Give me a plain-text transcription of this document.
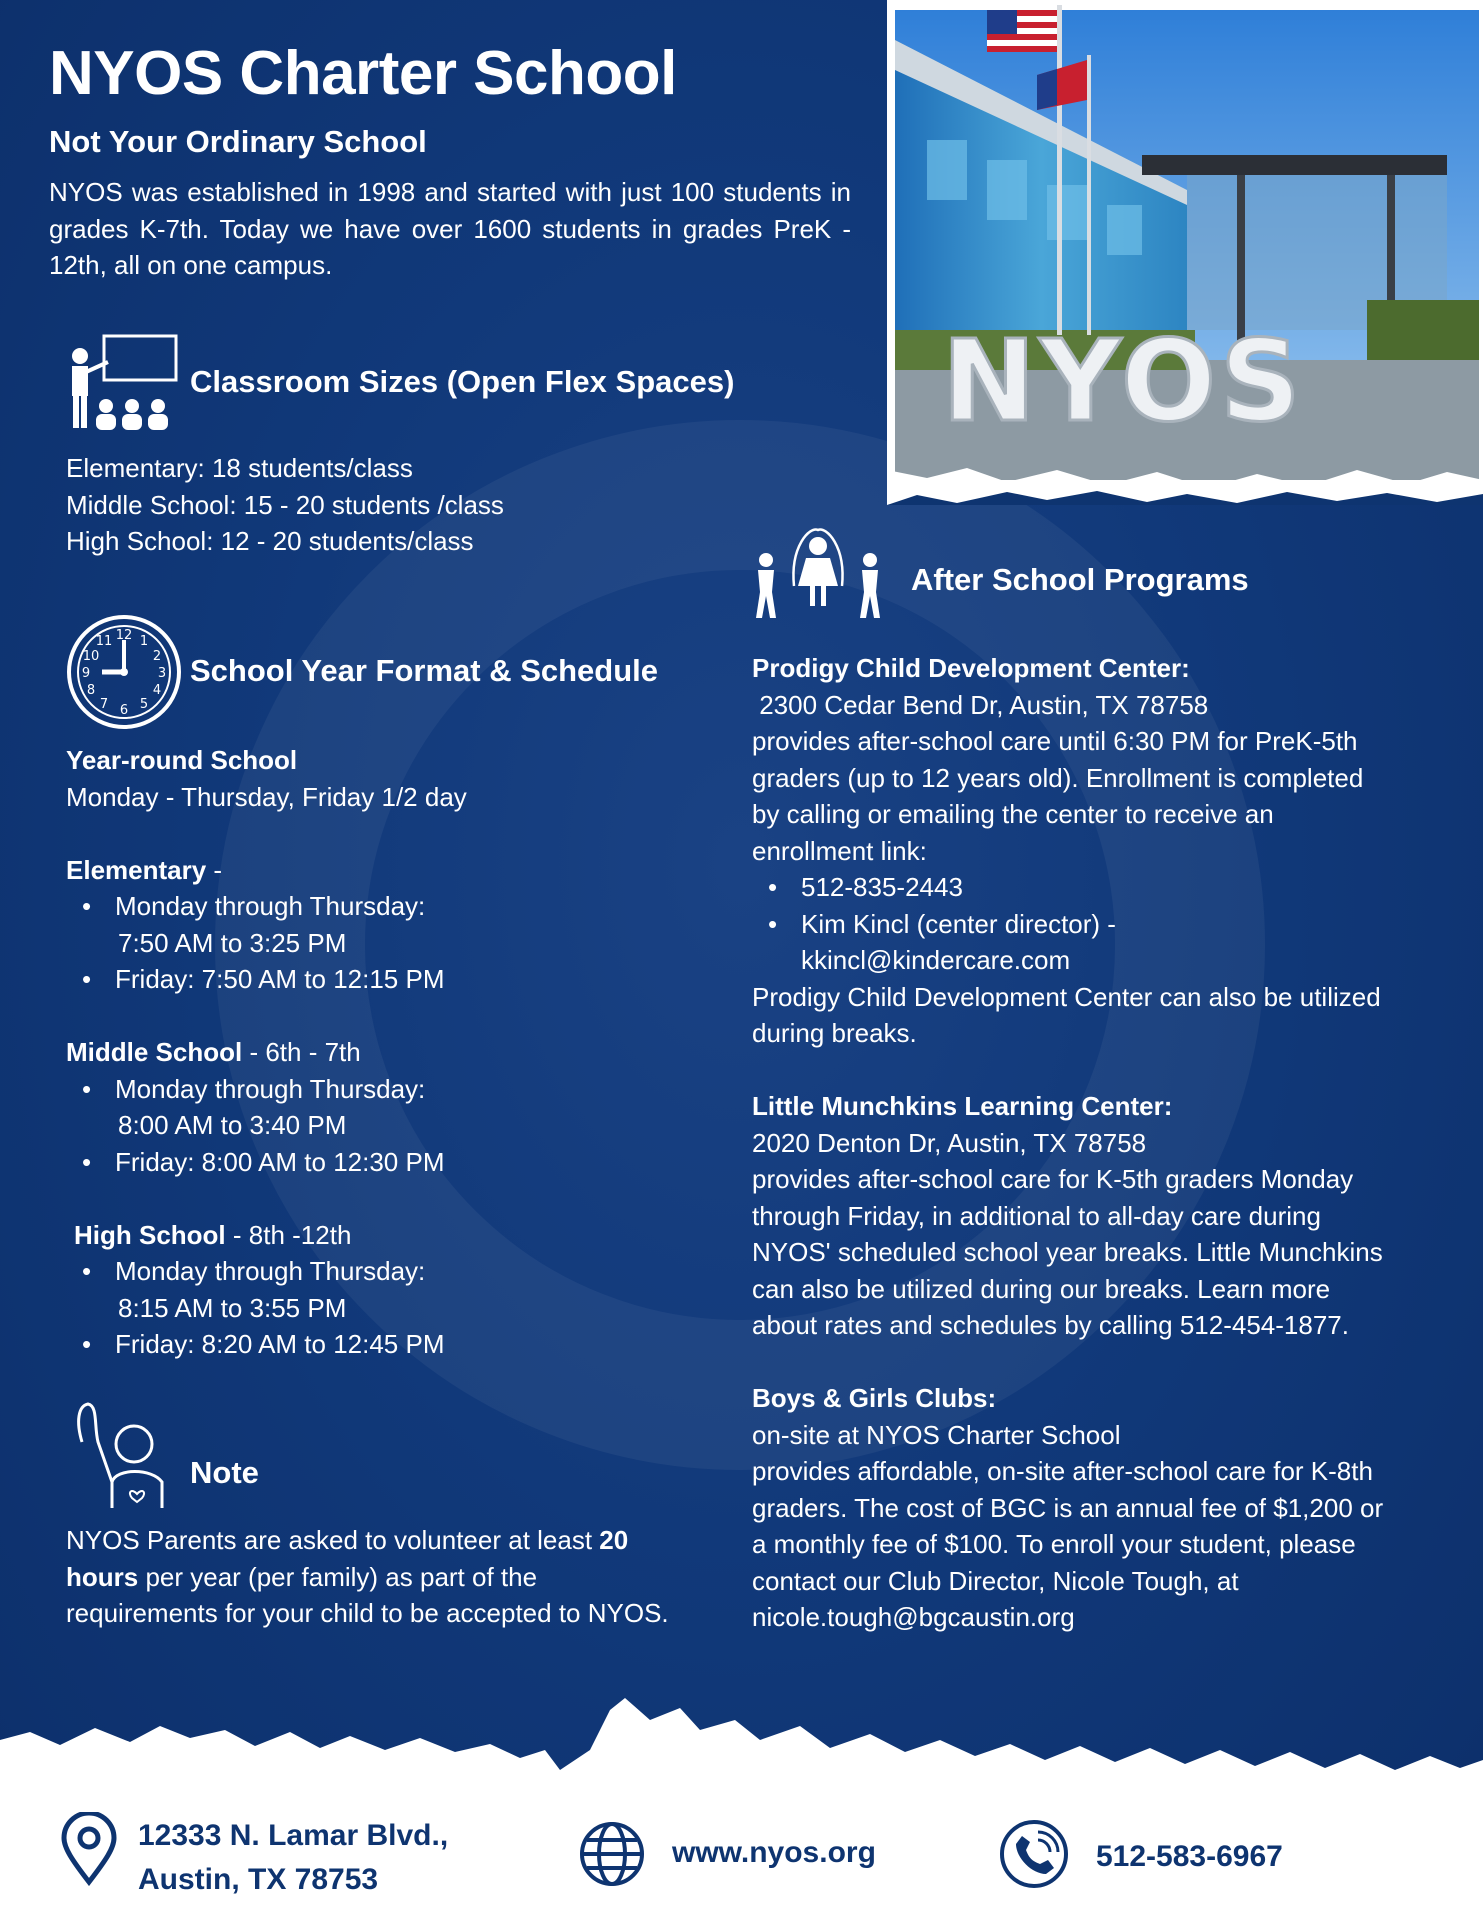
NYOS Charter School
Not Your Ordinary School
NYOS was established in 1998 and started with just 100 students in grades K-7th. Today we have over 1600 students in grades PreK - 12th, all on one campus.
NYOS
Classroom Sizes (Open Flex Spaces)
Elementary: 18 students/class
Middle School: 15 - 20 students /class
High School: 12 - 20 students/class
12 1
2
3
4
5
6
7
8
9
10
11
School Year Format & Schedule
Year-round School
Monday - Thursday, Friday 1/2 day
Elementary -
• Monday through Thursday:
7:50 AM to 3:25 PM
• Friday: 7:50 AM to 12:15 PM
Middle School - 6th - 7th
• Monday through Thursday:
8:00 AM to 3:40 PM
• Friday: 8:00 AM to 12:30 PM
High School - 8th -12th
• Monday through Thursday:
8:15 AM to 3:55 PM
• Friday: 8:20 AM to 12:45 PM
Note
NYOS Parents are asked to volunteer at least 20 hours per year (per family) as part of the requirements for your child to be accepted to NYOS.
After School Programs
Prodigy Child Development Center:
2300 Cedar Bend Dr, Austin, TX 78758
provides after-school care until 6:30 PM for PreK-5th graders (up to 12 years old). Enrollment is completed by calling or emailing the center to receive an enrollment link:
• 512-835-2443
• Kim Kincl (center director) -
kkincl@kindercare.com
Prodigy Child Development Center can also be utilized during breaks.
Little Munchkins Learning Center:
2020 Denton Dr, Austin, TX 78758
provides after-school care for K-5th graders Monday through Friday, in additional to all-day care during NYOS' scheduled school year breaks. Little Munchkins can also be utilized during our breaks. Learn more about rates and schedules by calling 512-454-1877.
Boys & Girls Clubs:
on-site at NYOS Charter School
provides affordable, on-site after-school care for K-8th graders. The cost of BGC is an annual fee of $1,200 or a monthly fee of $100. To enroll your student, please contact our Club Director, Nicole Tough, at nicole.tough@bgcaustin.org
12333 N. Lamar Blvd.,
Austin, TX 78753
www.nyos.org	512-583-6967
